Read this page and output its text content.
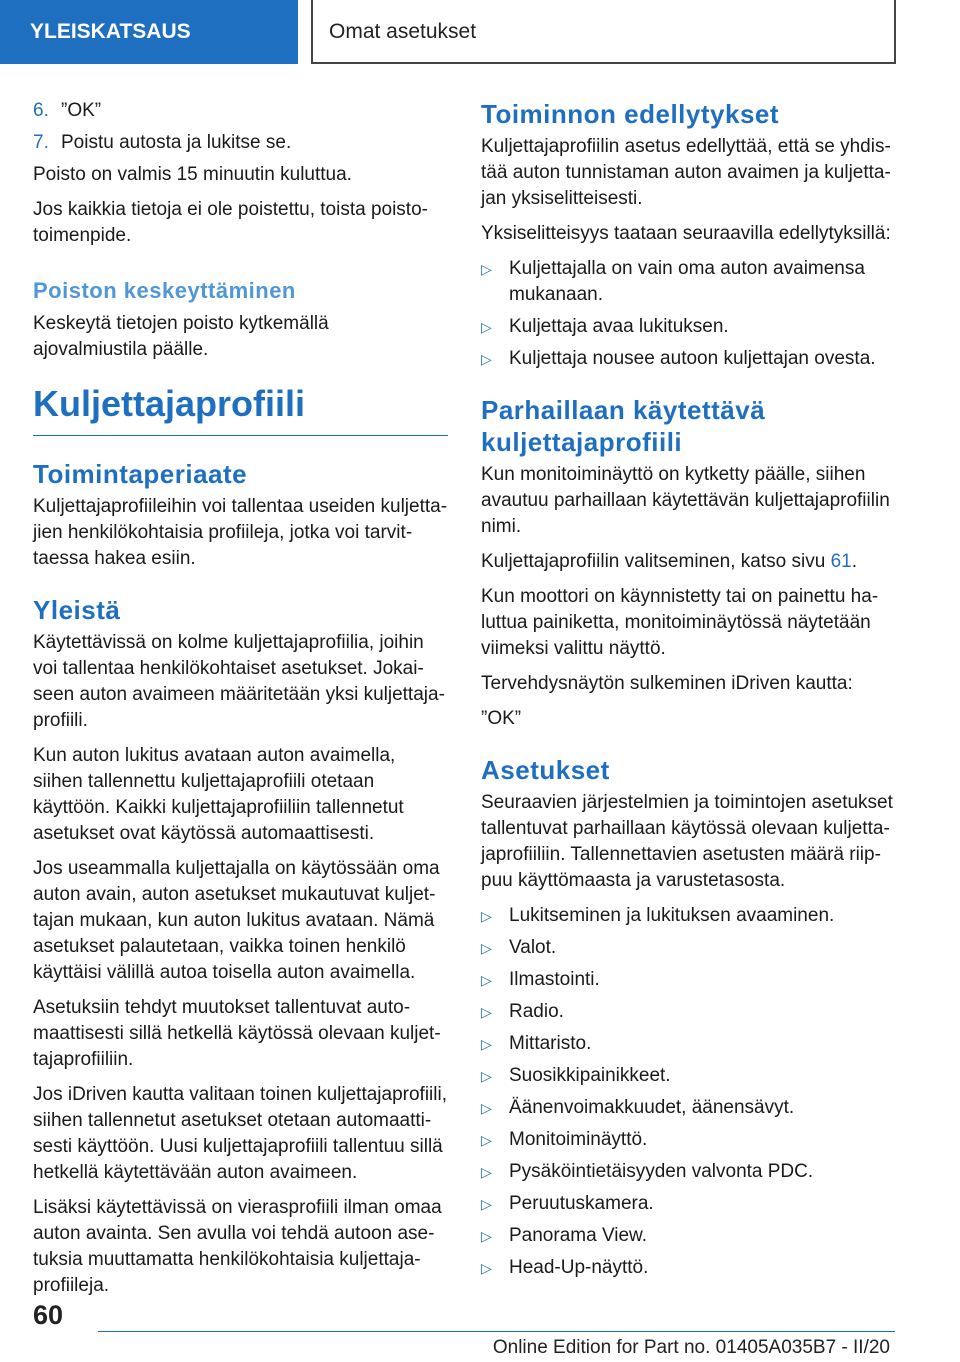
YLEISKATSAUS	Omat asetukset
6. ”OK”
7. Poistu autosta ja lukitse se.

Poisto on valmis 15 minuutin kuluttua.

Jos kaikkia tietoja ei ole poistettu, toista poistotoimenpide.

Poiston keskeyttäminen

Keskeytä tietojen poisto kytkemällä ajovalmiustila päälle.

Kuljettajaprofiili
Toimintaperiaate

Kuljettajaprofiileihin voi tallentaa useiden kuljettajien henkilökohtaisia profiileja, jotka voi tarvittaessa hakea esiin.

Yleistä

Käytettävissä on kolme kuljettajaprofiilia, joihin voi tallentaa henkilökohtaiset asetukset. Jokaiseen auton avaimeen määritetään yksi kuljettajaprofiili.

Kun auton lukitus avataan auton avaimella, siihen tallennettu kuljettajaprofiili otetaan käyttöön. Kaikki kuljettajaprofiiliin tallennetut asetukset ovat käytössä automaattisesti.

Jos useammalla kuljettajalla on käytössään oma auton avain, auton asetukset mukautuvat kuljettajan mukaan, kun auton lukitus avataan. Nämä asetukset palautetaan, vaikka toinen henkilö käyttäisi välillä autoa toisella auton avaimella.

Asetuksiin tehdyt muutokset tallentuvat automaattisesti sillä hetkellä käytössä olevaan kuljettajaprofiiliin.

Jos iDriven kautta valitaan toinen kuljettajaprofiili, siihen tallennetut asetukset otetaan automaattisesti käyttöön. Uusi kuljettajaprofiili tallentuu sillä hetkellä käytettävään auton avaimeen.

Lisäksi käytettävissä on vierasprofiili ilman omaa auton avainta. Sen avulla voi tehdä autoon asetuksia muuttamatta henkilökohtaisia kuljettajaprofiileja.

Toiminnon edellytykset

Kuljettajaprofiilin asetus edellyttää, että se yhdistää auton tunnistaman auton avaimen ja kuljettajan yksiselitteisesti.

Yksiselitteisyys taataan seuraavilla edellytyksillä:

▷ Kuljettajalla on vain oma auton avaimensa mukanaan.
▷ Kuljettaja avaa lukituksen.
▷ Kuljettaja nousee autoon kuljettajan ovesta.
Parhaillaan käytettävä kuljettajaprofiili

Kun monitoiminäyttö on kytketty päälle, siihen avautuu parhaillaan käytettävän kuljettajaprofiilin nimi.

Kuljettajaprofiilin valitseminen, katso sivu 61.

Kun moottori on käynnistetty tai on painettu haluttua painiketta, monitoiminäytössä näytetään viimeksi valittu näyttö.

Tervehdysnäytön sulkeminen iDriven kautta:

”OK”

Asetukset

Seuraavien järjestelmien ja toimintojen asetukset tallentuvat parhaillaan käytössä olevaan kuljettajaprofiiliin. Tallennettavien asetusten määrä riippuu käyttömaasta ja varustetasosta.

▷ Lukitseminen ja lukituksen avaaminen.
▷ Valot.
▷ Ilmastointi.
▷ Radio.
▷ Mittaristo.
▷ Suosikkipainikkeet.
▷ Äänenvoimakkuudet, äänensävyt.
▷ Monitoiminäyttö.
▷ Pysäköintietäisyyden valvonta PDC.
▷ Peruutuskamera.
▷ Panorama View.
▷ Head-Up-näyttö.
60
Online Edition for Part no. 01405A035B7 - II/20
